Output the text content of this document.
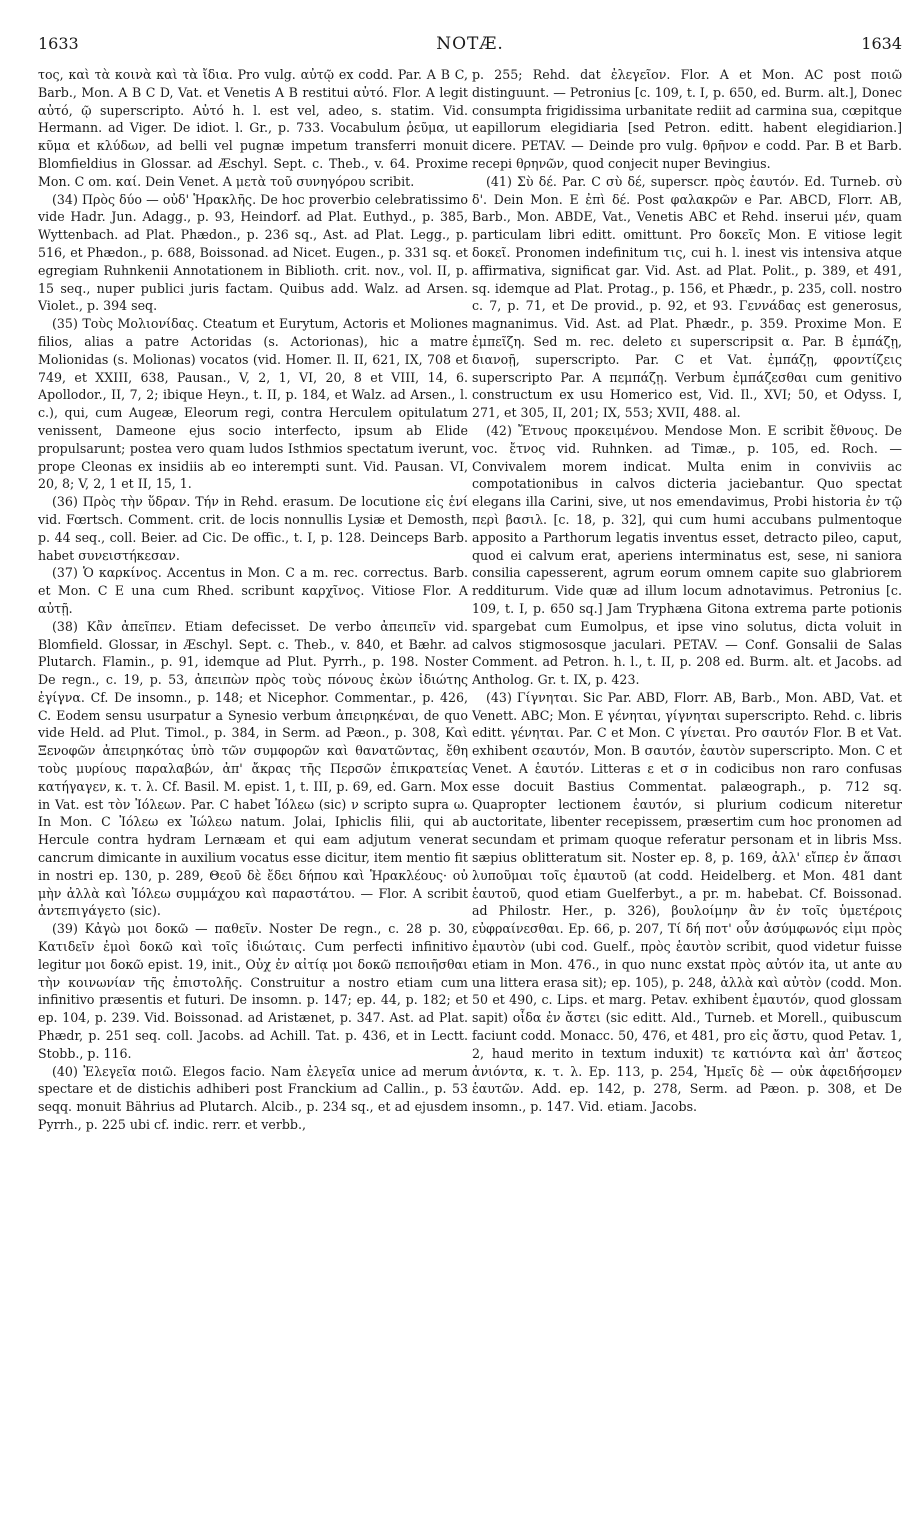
1633	NOTÆ.	1634

τος, καὶ τὰ κοινὰ καὶ τὰ ἴδια. Pro vulg. αὐτῷ ex codd. Par. A B C, Barb., Mon. A B C D, Vat. et Venetis A B restitui αὐτό. Flor. A legit αὐτό, ῷ superscripto. Αὐτό h. l. est vel, adeo, s. statim. Vid. Hermann. ad Viger. De idiot. l. Gr., p. 733. Vocabulum ῥεῦμα, ut κῦμα et κλύδων, ad belli vel pugnæ impetum transferri monuit Blomfieldius in Glossar. ad Æschyl. Sept. c. Theb., v. 64. Proxime Mon. C om. καί. Dein Venet. A μετὰ τοῦ συνηγόρου scribit.

(34) Πρὸς δύο — οὐδ' Ἡρακλῆς. De hoc proverbio celebratissimo vide Hadr. Jun. Adagg., p. 93, Heindorf. ad Plat. Euthyd., p. 385, Wyttenbach. ad Plat. Phædon., p. 236 sq., Ast. ad Plat. Legg., p. 516, et Phædon., p. 688, Boissonad. ad Nicet. Eugen., p. 331 sq. et egregiam Ruhnkenii Annotationem in Biblioth. crit. nov., vol. II, p. 15 seq., nuper publici juris factam. Quibus add. Walz. ad Arsen. Violet., p. 394 seq.

(35) Τοὺς Μολιονίδας. Cteatum et Eurytum, Actoris et Moliones filios, alias a patre Actoridas (s. Actorionas), hic a matre Molionidas (s. Molionas) vocatos (vid. Homer. Il. II, 621, IX, 708 et 749, et XXIII, 638, Pausan., V, 2, 1, VI, 20, 8 et VIII, 14, 6. Apollodor., II, 7, 2; ibique Heyn., t. II, p. 184, et Walz. ad Arsen., l. c.), qui, cum Augeæ, Eleorum regi, contra Herculem opitulatum venissent, Dameone ejus socio interfecto, ipsum ab Elide propulsarunt; postea vero quam ludos Isthmios spectatum iverunt, prope Cleonas ex insidiis ab eo interempti sunt. Vid. Pausan. VI, 20, 8; V, 2, 1 et II, 15, 1.

(36) Πρὸς τὴν ὕδραν. Τήν in Rehd. erasum. De locutione εἰς ἑνί vid. Fœrtsch. Comment. crit. de locis nonnullis Lysiæ et Demosth, p. 44 seq., coll. Beier. ad Cic. De offic., t. I, p. 128. Deinceps Barb. habet συνειστήκεσαν.

(37) Ὁ καρκίνος. Accentus in Mon. C a m. rec. correctus. Barb. et Mon. C E una cum Rhed. scribunt καρχῖνος. Vitiose Flor. A αὐτῇ.

(38) Κἂν ἀπεῖπεν. Etiam defecisset. De verbo ἀπειπεῖν vid. Blomfield. Glossar, in Æschyl. Sept. c. Theb., v. 840, et Bæhr. ad Plutarch. Flamin., p. 91, idemque ad Plut. Pyrrh., p. 198. Noster De regn., c. 19, p. 53, ἀπειπὼν πρὸς τοὺς πόνους ἐκὼν ἰδιώτης ἐγίγνα. Cf. De insomn., p. 148; et Nicephor. Commentar., p. 426, C. Eodem sensu usurpatur a Synesio verbum ἀπειρηκέναι, de quo vide Held. ad Plut. Timol., p. 384, in Serm. ad Pæon., p. 308, Καὶ Ξενοφῶν ἀπειρηκότας ὑπὸ τῶν συμφορῶν καὶ θανατῶντας, ἔθη τοὺς μυρίους παραλαβών, ἀπ' ἄκρας τῆς Περσῶν ἐπικρατείας κατήγαγεν, κ. τ. λ. Cf. Basil. M. epist. 1, t. III, p. 69, ed. Garn. Mox in Vat. est τὸν Ἰόλεων. Par. C habet Ἰόλεω (sic) ν scripto supra ω. In Mon. C Ἰόλεω ex Ἰώλεω natum. Jolai, Iphiclis filii, qui ab Hercule contra hydram Lernæam et qui eam adjutum venerat cancrum dimicante in auxilium vocatus esse dicitur, item mentio fit in nostri ep. 130, p. 289, Θεοῦ δὲ ἔδει δήπου καὶ Ἡρακλέους· οὐ μὴν ἀλλὰ καὶ Ἰόλεω συμμάχου καὶ παραστάτου. — Flor. A scribit ἀντεπιγάγετο (sic).

(39) Κἀγὼ μοι δοκῶ — παθεῖν. Noster De regn., c. 28 p. 30, Κατιδεῖν ἐμοὶ δοκῶ καὶ τοῖς ἰδιώταις. Cum perfecti infinitivo legitur μοι δοκῶ epist. 19, init., Οὐχ ἐν αἰτίᾳ μοι δοκῶ πεποιῆσθαι τὴν κοινωνίαν τῆς ἐπιστολῆς. Construitur a nostro etiam cum infinitivo præsentis et futuri. De insomn. p. 147; ep. 44, p. 182; et ep. 104, p. 239. Vid. Boissonad. ad Aristænet, p. 347. Ast. ad Plat. Phædr, p. 251 seq. coll. Jacobs. ad Achill. Tat. p. 436, et in Lectt. Stobb., p. 116.

(40) Ἐλεγεῖα ποιῶ. Elegos facio. Nam ἐλεγεῖα unice ad merum spectare et de distichis adhiberi post Franckium ad Callin., p. 53 seqq. monuit Bährius ad Plutarch. Alcib., p. 234 sq., et ad ejusdem Pyrrh., p. 225 ubi cf. indic. rerr. et verbb.,

p. 255; Rehd. dat ἐλεγεῖον. Flor. A et Mon. AC post ποιῶ distinguunt. — Petronius [c. 109, t. I, p. 650, ed. Burm. alt.], Donec consumpta frigidissima urbanitate rediit ad carmina sua, cœpitque eapillorum elegidiaria [sed Petron. editt. habent elegidiarion.] dicere. PETAV. — Deinde pro vulg. θρῆνον e codd. Par. B et Barb. recepi θρηνῶν, quod conjecit nuper Bevingius.

(41) Σὺ δέ. Par. C σὺ δέ, superscr. πρὸς ἑαυτόν. Ed. Turneb. σὺ δ'. Dein Mon. E ἐπὶ δέ. Post φαλακρῶν e Par. ABCD, Florr. AB, Barb., Mon. ABDE, Vat., Venetis ABC et Rehd. inserui μέν, quam particulam libri editt. omittunt. Pro δοκεῖς Mon. E vitiose legit δοκεῖ. Pronomen indefinitum τις, cui h. l. inest vis intensiva atque affirmativa, significat gar. Vid. Ast. ad Plat. Polit., p. 389, et 491, sq. idemque ad Plat. Protag., p. 156, et Phædr., p. 235, coll. nostro c. 7, p. 71, et De provid., p. 92, et 93. Γεννάδας est generosus, magnanimus. Vid. Ast. ad Plat. Phædr., p. 359. Proxime Mon. E ἐμπεῖζη. Sed m. rec. deleto ει superscripsit α. Par. B ἐμπάζῃ, διανοῇ, superscripto. Par. C et Vat. ἐμπάζῃ, φροντίζεις superscripto Par. A πεμπάζῃ. Verbum ἐμπάζεσθαι cum genitivo constructum ex usu Homerico est, Vid. Il., XVI; 50, et Odyss. I, 271, et 305, II, 201; IX, 553; XVII, 488. al.

(42) Ἔτνους προκειμένου. Mendose Mon. E scribit ἔθνους. De voc. ἔτνος vid. Ruhnken. ad Timæ., p. 105, ed. Roch. — Convivalem morem indicat. Multa enim in conviviis ac compotationibus in calvos dicteria jaciebantur. Quo spectat elegans illa Carini, sive, ut nos emendavimus, Probi historia ἐν τῷ περὶ βασιλ. [c. 18, p. 32], qui cum humi accubans pulmentoque apposito a Parthorum legatis inventus esset, detracto pileo, caput, quod ei calvum erat, aperiens interminatus est, sese, ni saniora consilia capesserent, agrum eorum omnem capite suo glabriorem redditurum. Vide quæ ad illum locum adnotavimus. Petronius [c. 109, t. I, p. 650 sq.] Jam Tryphæna Gitona extrema parte potionis spargebat cum Eumolpus, et ipse vino solutus, dicta voluit in calvos stigmososque jaculari. PETAV. — Conf. Gonsalii de Salas Comment. ad Petron. h. l., t. II, p. 208 ed. Burm. alt. et Jacobs. ad Antholog. Gr. t. IX, p. 423.

(43) Γίγνηται. Sic Par. ABD, Florr. AB, Barb., Mon. ABD, Vat. et Venett. ABC; Mon. E γένηται, γίγνηται superscripto. Rehd. c. libris editt. γένηται. Par. C et Mon. C γίνεται. Pro σαυτόν Flor. B et Vat. exhibent σεαυτόν, Mon. B σαυτόν, ἑαυτὸν superscripto. Mon. C et Venet. A ἑαυτόν. Litteras ε et σ in codicibus non raro confusas esse docuit Bastius Commentat. palæograph., p. 712 sq. Quapropter lectionem ἑαυτόν, si plurium codicum niteretur auctoritate, libenter recepissem, præsertim cum hoc pronomen ad secundam et primam quoque referatur personam et in libris Mss. sæpius oblitteratum sit. Noster ep. 8, p. 169, ἀλλ' εἴπερ ἐν ἅπασι λυποῦμαι τοῖς ἐμαυτοῦ (at codd. Heidelberg. et Mon. 481 dant ἑαυτοῦ, quod etiam Guelferbyt., a pr. m. habebat. Cf. Boissonad. ad Philostr. Her., p. 326), βουλοίμην ἂν ἐν τοῖς ὑμετέροις εὐφραίνεσθαι. Ep. 66, p. 207, Τί δή ποτ' οὖν ἀσύμφωνός εἰμι πρὸς ἐμαυτὸν (ubi cod. Guelf., πρὸς ἑαυτὸν scribit, quod videtur fuisse etiam in Mon. 476., in quo nunc exstat πρὸς αὐτόν ita, ut ante αυ una littera erasa sit); ep. 105), p. 248, ἀλλὰ καὶ αὐτὸν (codd. Mon. 50 et 490, c. Lips. et marg. Petav. exhibent ἐμαυτόν, quod glossam sapit) οἶδα ἐν ἄστει (sic editt. Ald., Turneb. et Morell., quibuscum faciunt codd. Monacc. 50, 476, et 481, pro εἰς ἄστυ, quod Petav. 1, 2, haud merito in textum induxit) τε κατιόντα καὶ ἀπ' ἄστεος ἀνιόντα, κ. τ. λ. Ep. 113, p. 254, Ἡμεῖς δὲ — οὐκ ἀφειδήσομεν ἑαυτῶν. Add. ep. 142, p. 278, Serm. ad Pæon. p. 308, et De insomn., p. 147. Vid. etiam. Jacobs.
